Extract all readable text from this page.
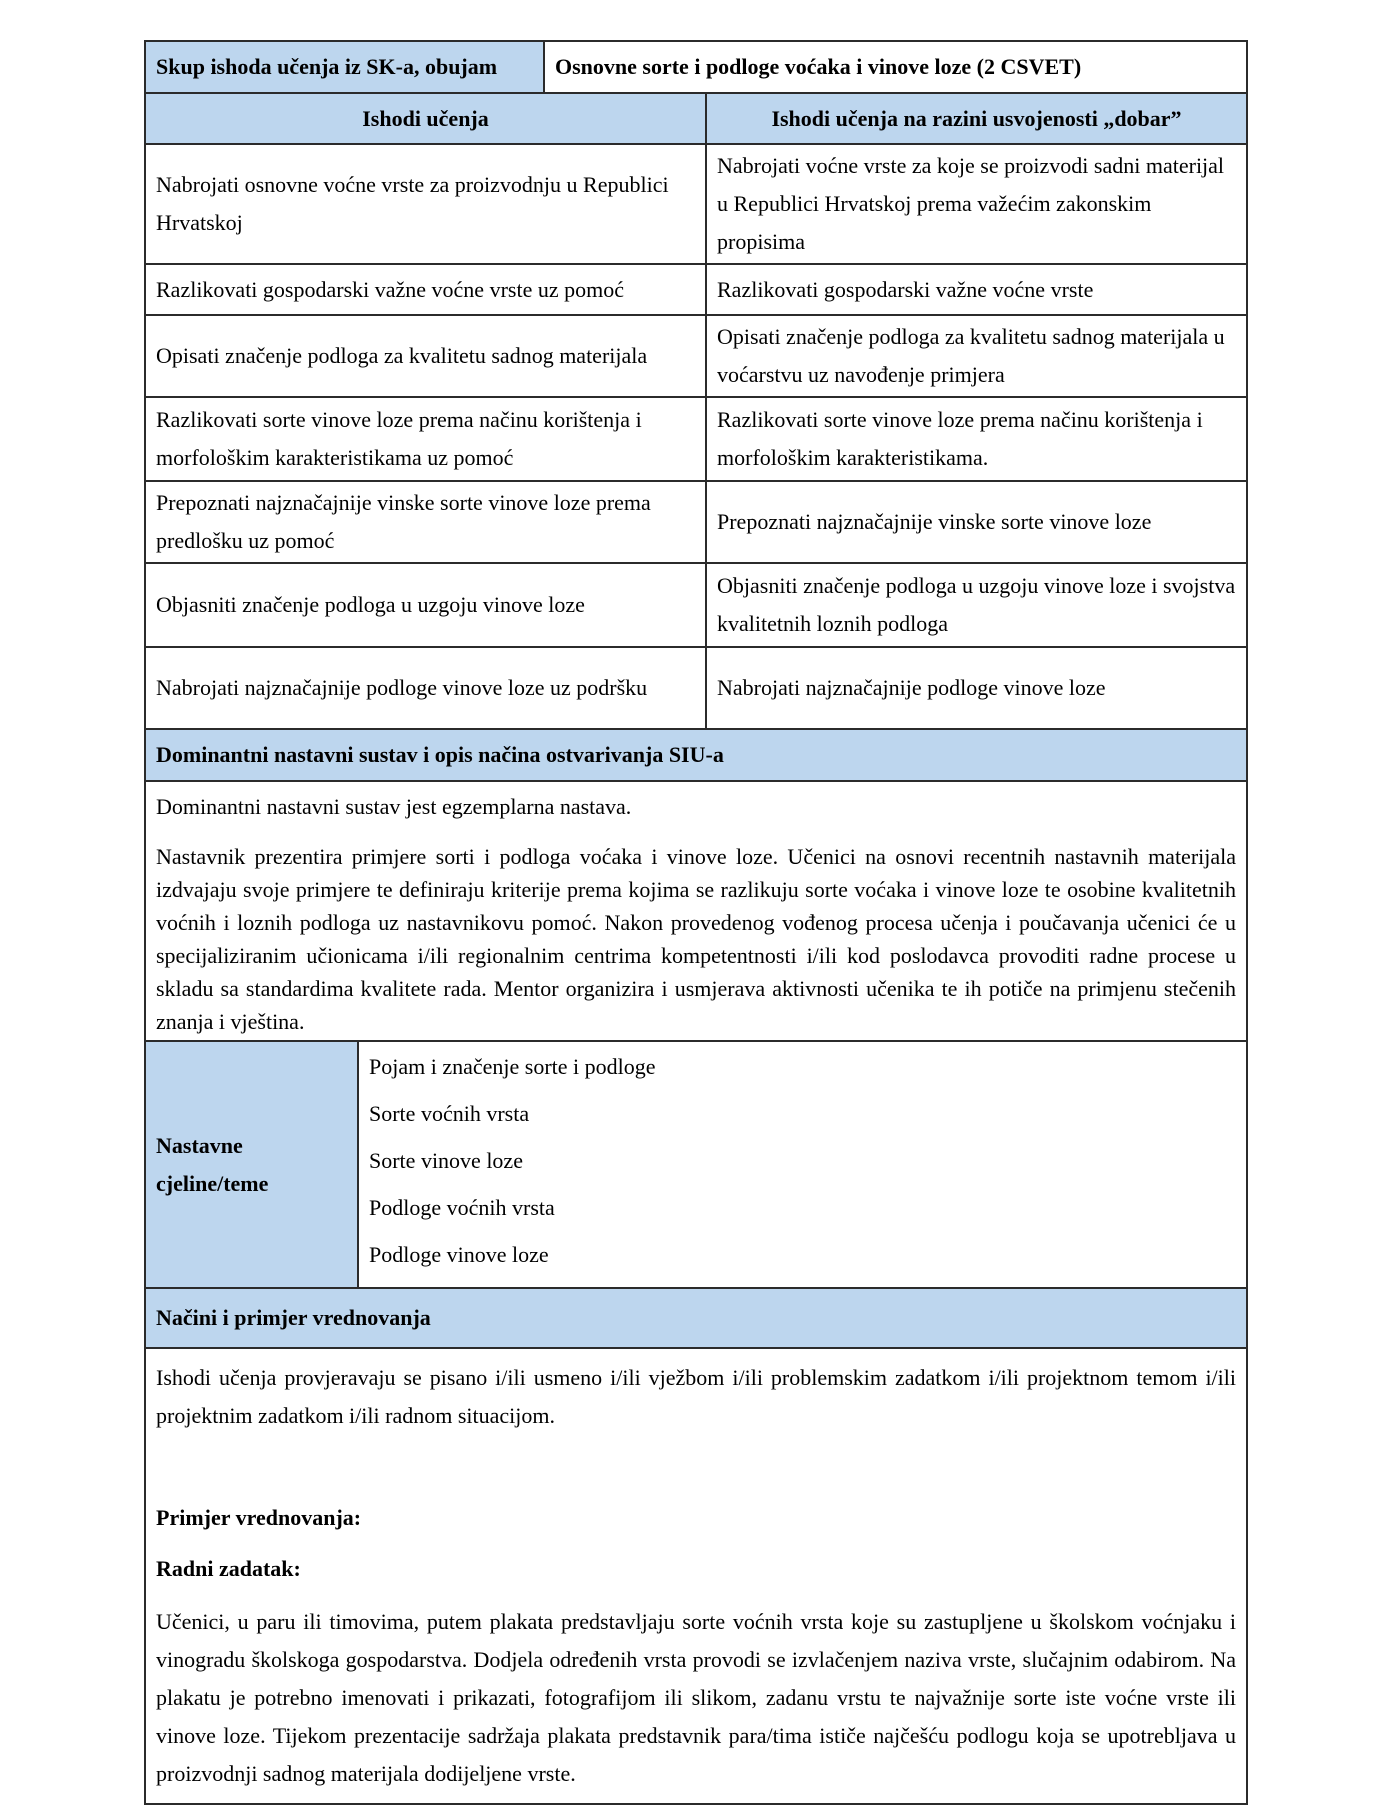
Skup ishoda učenja iz SK-a, obujam		Osnovne sorte i podloge voćaka i vinove loze (2 CSVET)	
Ishodi učenja			Ishodi učenja na razini usvojenosti „dobar”
Nabrojati osnovne voćne vrste za proizvodnju u Republici Hrvatskoj			Nabrojati voćne vrste za koje se proizvodi sadni materijal u Republici Hrvatskoj prema važećim zakonskim propisima
Razlikovati gospodarski važne voćne vrste uz pomoć			Razlikovati gospodarski važne voćne vrste
Opisati značenje podloga za kvalitetu sadnog materijala			Opisati značenje podloga za kvalitetu sadnog materijala u voćarstvu uz navođenje primjera
Razlikovati sorte vinove loze prema načinu korištenja i morfološkim karakteristikama uz pomoć			Razlikovati sorte vinove loze prema načinu korištenja i morfološkim karakteristikama.
Prepoznati najznačajnije vinske sorte vinove loze prema predlošku uz pomoć			Prepoznati najznačajnije vinske sorte vinove loze
Objasniti značenje podloga u uzgoju vinove loze			Objasniti značenje podloga u uzgoju vinove loze i svojstva kvalitetnih loznih podloga
Nabrojati najznačajnije podloge vinove loze uz podršku			Nabrojati najznačajnije podloge vinove loze
Dominantni nastavni sustav i opis načina ostvarivanja SIU-a			

Dominantni nastavni sustav jest egzemplarna nastava.
Nastavnik prezentira primjere sorti i podloga voćaka i vinove loze. Učenici na osnovi recentnih nastavnih materijala izdvajaju svoje primjere te definiraju kriterije prema kojima se razlikuju sorte voćaka i vinove loze te osobine kvalitetnih voćnih i loznih podloga uz nastavnikovu pomoć. Nakon provedenog vođenog procesa učenja i poučavanja učenici će u specijaliziranim učionicama i/ili regionalnim centrima kompetentnosti i/ili kod poslodavca provoditi radne procese u skladu sa standardima kvalitete rada. Mentor organizira i usmjerava aktivnosti učenika te ih potiče na primjenu stečenih znanja i vještina.			

Nastavne cjeline/teme	Pojam i značenje sorte i podloge
Sorte voćnih vrsta
Sorte vinove loze
Podloge voćnih vrsta
Podloge vinove loze		

Načini i primjer vrednovanja			

Ishodi učenja provjeravaju se pisano i/ili usmeno i/ili vježbom i/ili problemskim zadatkom i/ili projektnom temom i/ili projektnim zadatkom i/ili radnom situacijom.
Primjer vrednovanja:
Radni zadatak:
Učenici, u paru ili timovima, putem plakata predstavljaju sorte voćnih vrsta koje su zastupljene u školskom voćnjaku i vinogradu školskoga gospodarstva. Dodjela određenih vrsta provodi se izvlačenjem naziva vrste, slučajnim odabirom. Na plakatu je potrebno imenovati i prikazati, fotografijom ili slikom, zadanu vrstu te najvažnije sorte iste voćne vrste ili vinove loze. Tijekom prezentacije sadržaja plakata predstavnik para/tima ističe najčešću podlogu koja se upotrebljava u proizvodnji sadnog materijala dodijeljene vrste.			
